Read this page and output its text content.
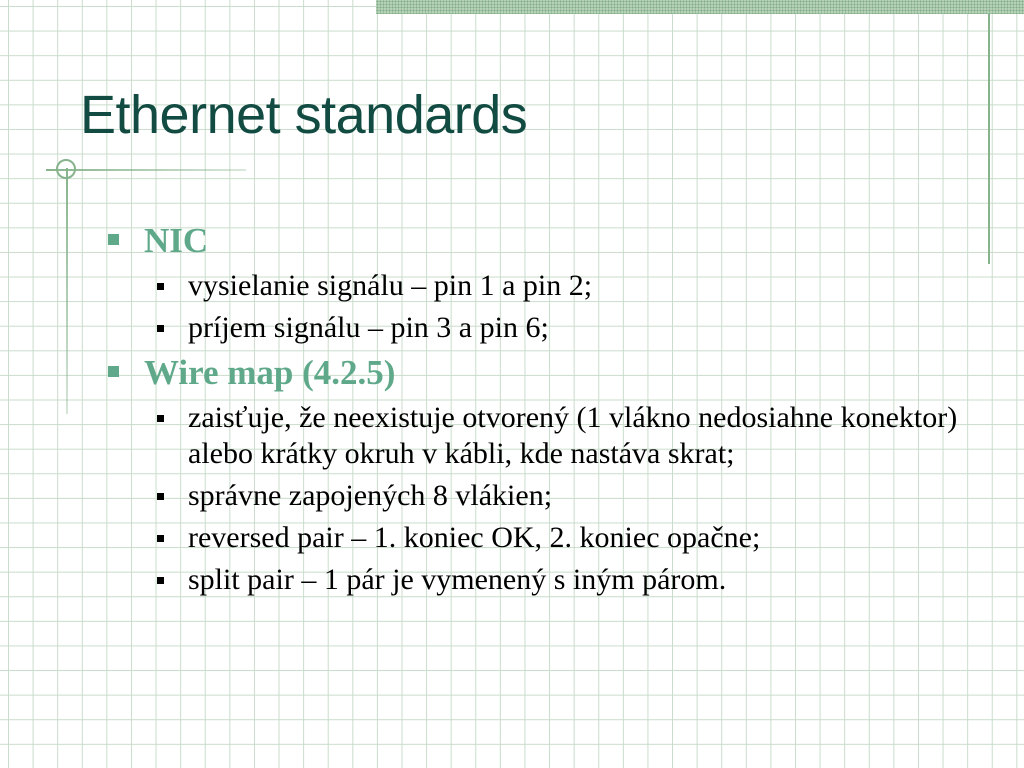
Ethernet standards
NIC
vysielanie signálu – pin 1 a pin 2;
príjem signálu – pin 3 a pin 6;
Wire map (4.2.5)
zaisťuje, že neexistuje otvorený (1 vlákno nedosiahne konektor) alebo krátky okruh v kábli, kde nastáva skrat;
správne zapojených 8 vlákien;
reversed pair – 1. koniec OK, 2. koniec opačne;
split pair – 1 pár je vymenený s iným párom.
